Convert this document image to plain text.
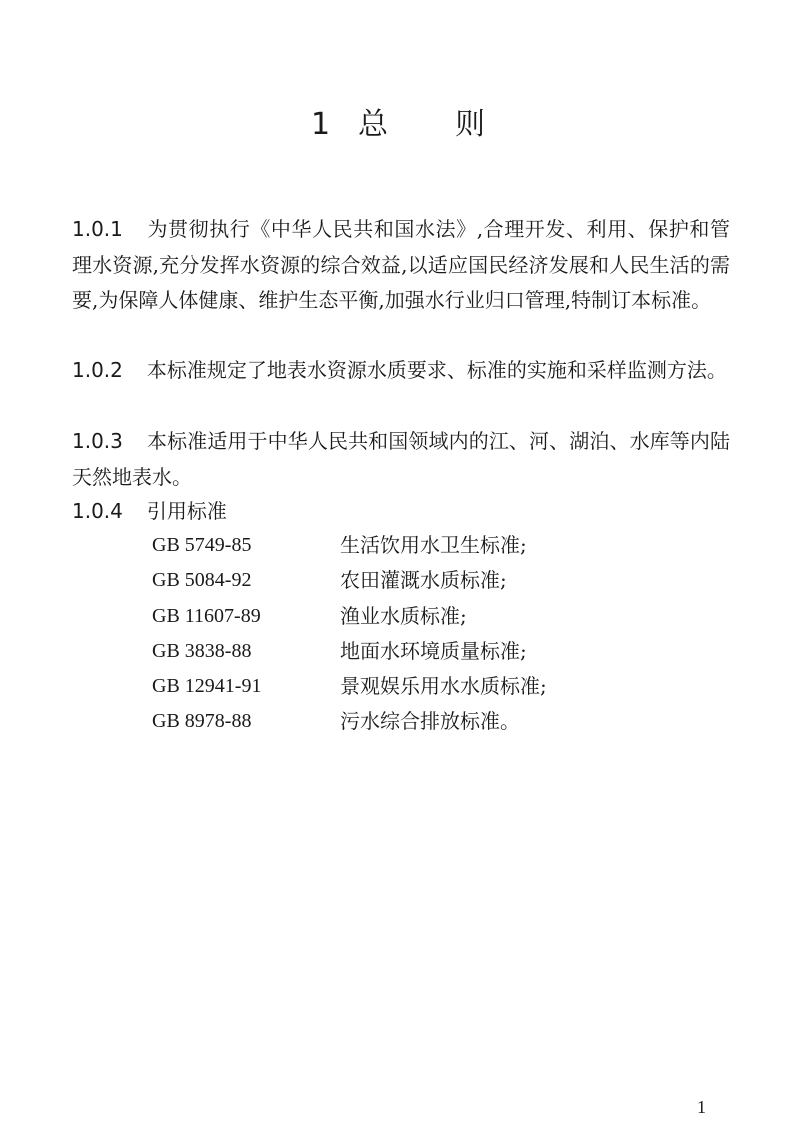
1 总 则
1.0.1 为贯彻执行《中华人民共和国水法》,合理开发、利用、保护和管理水资源,充分发挥水资源的综合效益,以适应国民经济发展和人民生活的需要,为保障人体健康、维护生态平衡,加强水行业归口管理,特制订本标准。
1.0.2 本标准规定了地表水资源水质要求、标准的实施和采样监测方法。
1.0.3 本标准适用于中华人民共和国领域内的江、河、湖泊、水库等内陆天然地表水。
1.0.4 引用标准
GB 5749-85	生活饮用水卫生标准;
GB 5084-92	农田灌溉水质标准;
GB 11607-89	渔业水质标准;
GB 3838-88	地面水环境质量标准;
GB 12941-91	景观娱乐用水水质标准;
GB 8978-88	污水综合排放标准。
1
